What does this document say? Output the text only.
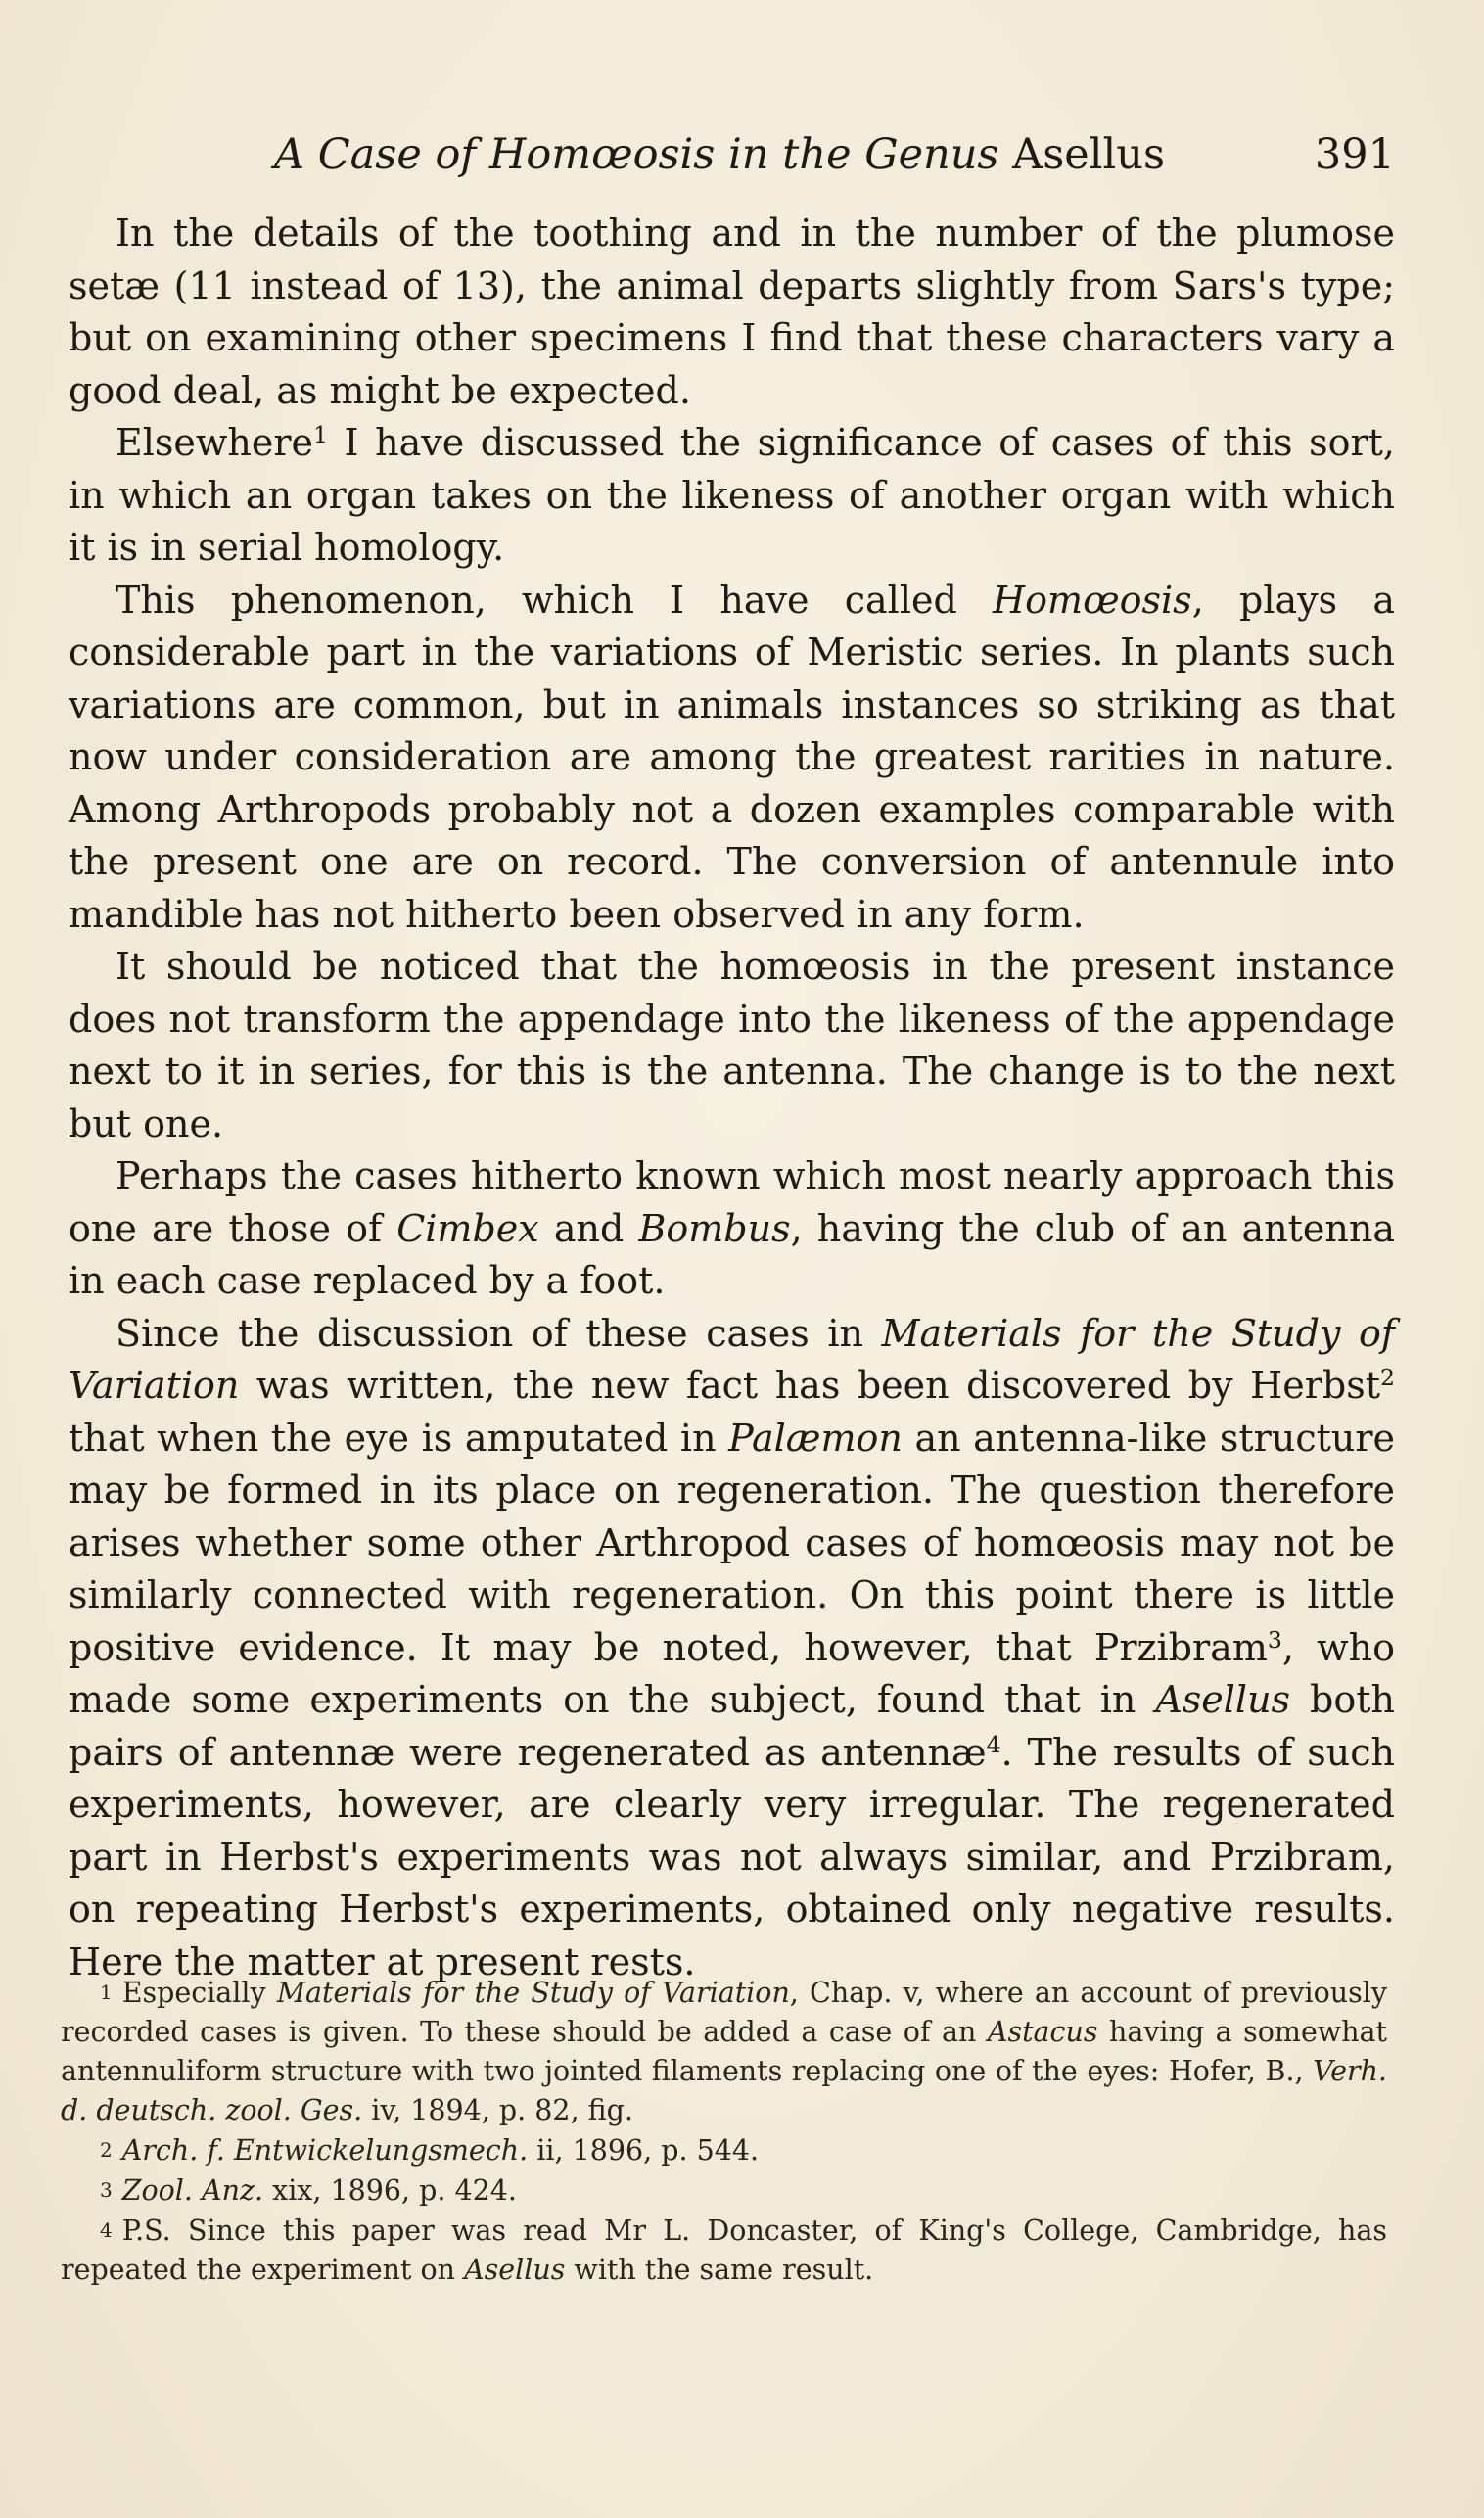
A Case of Homœosis in the Genus Asellus	391

In the details of the toothing and in the number of the plumose setæ (11 instead of 13), the animal departs slightly from Sars's type; but on examining other specimens I find that these characters vary a good deal, as might be expected.

Elsewhere$^1$ I have discussed the significance of cases of this sort, in which an organ takes on the likeness of another organ with which it is in serial homology.

This phenomenon, which I have called Homœosis, plays a considerable part in the variations of Meristic series. In plants such variations are common, but in animals instances so striking as that now under consideration are among the greatest rarities in nature. Among Arthropods probably not a dozen examples comparable with the present one are on record. The conversion of antennule into mandible has not hitherto been observed in any form.

It should be noticed that the homœosis in the present instance does not transform the appendage into the likeness of the appendage next to it in series, for this is the antenna. The change is to the next but one.

Perhaps the cases hitherto known which most nearly approach this one are those of Cimbex and Bombus, having the club of an antenna in each case replaced by a foot.

Since the discussion of these cases in Materials for the Study of Variation was written, the new fact has been discovered by Herbst$^2$ that when the eye is amputated in Palæmon an antenna-like structure may be formed in its place on regeneration. The question therefore arises whether some other Arthropod cases of homœosis may not be similarly connected with regeneration. On this point there is little positive evidence. It may be noted, however, that Przibram$^3$, who made some experiments on the subject, found that in Asellus both pairs of antennæ were regenerated as antennæ$^4$. The results of such experiments, however, are clearly very irregular. The regenerated part in Herbst's experiments was not always similar, and Przibram, on repeating Herbst's experiments, obtained only negative results. Here the matter at present rests.

1 Especially Materials for the Study of Variation, Chap. v, where an account of previously recorded cases is given. To these should be added a case of an Astacus having a somewhat antennuliform structure with two jointed filaments replacing one of the eyes: Hofer, B., Verh. d. deutsch. zool. Ges. iv, 1894, p. 82, fig.

2 Arch. f. Entwickelungsmech. ii, 1896, p. 544.

3 Zool. Anz. xix, 1896, p. 424.

4 P.S. Since this paper was read Mr L. Doncaster, of King's College, Cambridge, has repeated the experiment on Asellus with the same result.
